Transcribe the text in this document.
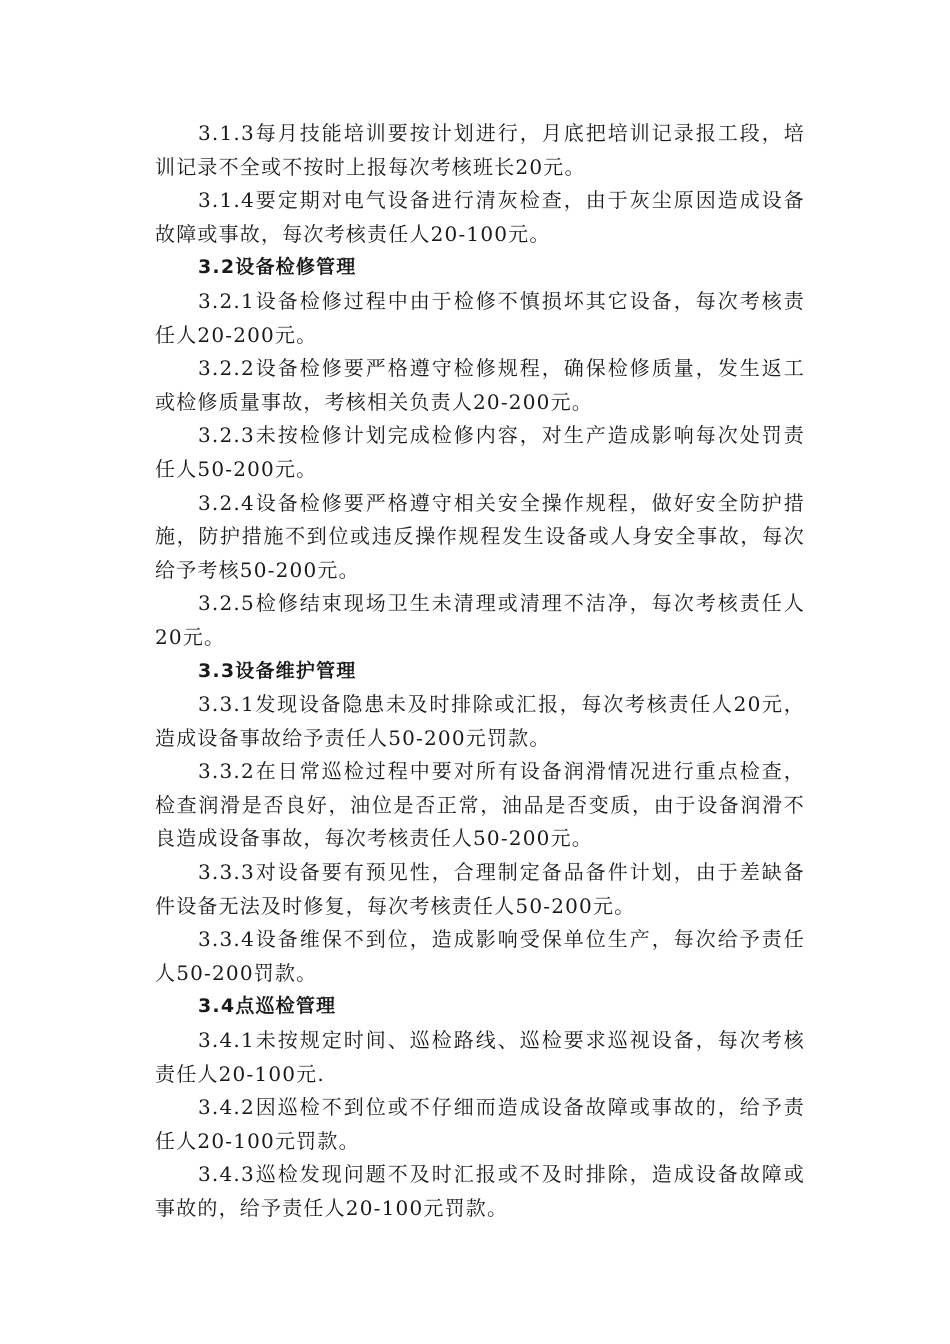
3.1.3每月技能培训要按计划进行，月底把培训记录报工段，培训记录不全或不按时上报每次考核班长20元。

3.1.4要定期对电气设备进行清灰检查，由于灰尘原因造成设备故障或事故，每次考核责任人20-100元。

3.2设备检修管理

3.2.1设备检修过程中由于检修不慎损坏其它设备，每次考核责任人20-200元。

3.2.2设备检修要严格遵守检修规程，确保检修质量，发生返工或检修质量事故，考核相关负责人20-200元。

3.2.3未按检修计划完成检修内容，对生产造成影响每次处罚责任人50-200元。

3.2.4设备检修要严格遵守相关安全操作规程，做好安全防护措施，防护措施不到位或违反操作规程发生设备或人身安全事故，每次给予考核50-200元。

3.2.5检修结束现场卫生未清理或清理不洁净，每次考核责任人20元。

3.3设备维护管理

3.3.1发现设备隐患未及时排除或汇报，每次考核责任人20元，造成设备事故给予责任人50-200元罚款。

3.3.2在日常巡检过程中要对所有设备润滑情况进行重点检查，检查润滑是否良好，油位是否正常，油品是否变质，由于设备润滑不良造成设备事故，每次考核责任人50-200元。

3.3.3对设备要有预见性，合理制定备品备件计划，由于差缺备件设备无法及时修复，每次考核责任人50-200元。

3.3.4设备维保不到位，造成影响受保单位生产，每次给予责任人50-200罚款。

3.4点巡检管理

3.4.1未按规定时间、巡检路线、巡检要求巡视设备，每次考核责任人20-100元.

3.4.2因巡检不到位或不仔细而造成设备故障或事故的，给予责任人20-100元罚款。

3.4.3巡检发现问题不及时汇报或不及时排除，造成设备故障或事故的，给予责任人20-100元罚款。
